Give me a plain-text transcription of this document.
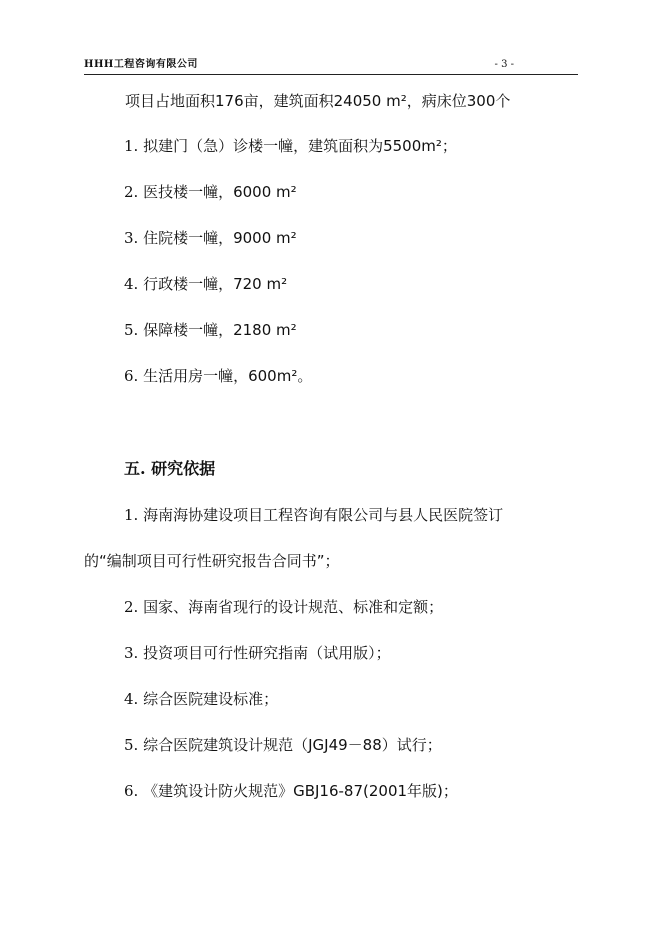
HHH工程咨询有限公司	- 3 -
项目占地面积176亩，建筑面积24050 m²，病床位300个
1. 拟建门（急）诊楼一幢，建筑面积为5500m²；
2. 医技楼一幢，6000 m²
3. 住院楼一幢，9000 m²
4. 行政楼一幢，720 m²
5. 保障楼一幢，2180 m²
6. 生活用房一幢，600m²。
五. 研究依据
1. 海南海协建设项目工程咨询有限公司与县人民医院签订
的“编制项目可行性研究报告合同书”；
2. 国家、海南省现行的设计规范、标准和定额；
3. 投资项目可行性研究指南（试用版）；
4. 综合医院建设标准；
5. 综合医院建筑设计规范（JGJ49－88）试行；
6. 《建筑设计防火规范》GBJ16-87(2001年版)；
